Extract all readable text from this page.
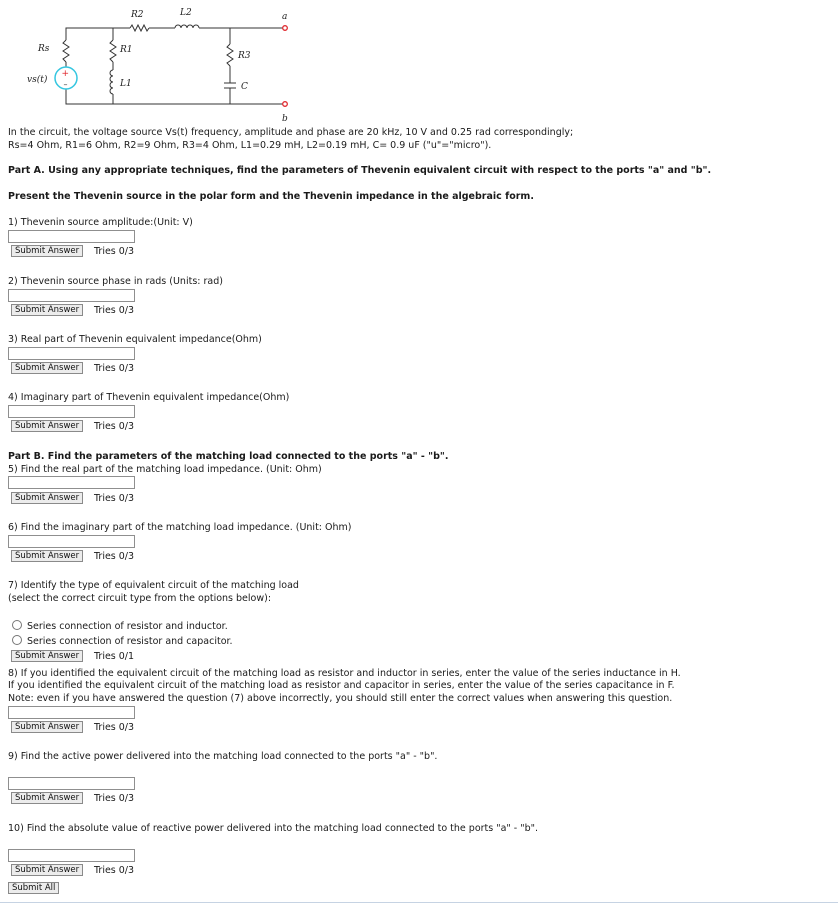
+
–
Rs
R2	L2	a
R1
R3
vs(t)	L1	C
b
In the circuit, the voltage source Vs(t) frequency, amplitude and phase are 20 kHz, 10 V and 0.25 rad correspondingly;
Rs=4 Ohm, R1=6 Ohm, R2=9 Ohm, R3=4 Ohm, L1=0.29 mH, L2=0.19 mH, C= 0.9 uF ("u"="micro").
Part A. Using any appropriate techniques, find the parameters of Thevenin equivalent circuit with respect to the ports "a" and "b".
Present the Thevenin source in the polar form and the Thevenin impedance in the algebraic form.
1) Thevenin source amplitude:(Unit: V)
Submit Answer	Tries 0/3
2) Thevenin source phase in rads (Units: rad)
Submit Answer	Tries 0/3
3) Real part of Thevenin equivalent impedance(Ohm)
Submit Answer	Tries 0/3
4) Imaginary part of Thevenin equivalent impedance(Ohm)
Submit Answer	Tries 0/3
Part B. Find the parameters of the matching load connected to the ports "a" - "b".
5) Find the real part of the matching load impedance. (Unit: Ohm)
Submit Answer	Tries 0/3
6) Find the imaginary part of the matching load impedance. (Unit: Ohm)
Submit Answer	Tries 0/3
7) Identify the type of equivalent circuit of the matching load
(select the correct circuit type from the options below):
Series connection of resistor and inductor.
Series connection of resistor and capacitor.
Submit Answer	Tries 0/1
8) If you identified the equivalent circuit of the matching load as resistor and inductor in series, enter the value of the series inductance in H.
If you identified the equivalent circuit of the matching load as resistor and capacitor in series, enter the value of the series capacitance in F.
Note: even if you have answered the question (7) above incorrectly, you should still enter the correct values when answering this question.
Submit Answer	Tries 0/3
9) Find the active power delivered into the matching load connected to the ports "a" - "b".
Submit Answer	Tries 0/3
10) Find the absolute value of reactive power delivered into the matching load connected to the ports "a" - "b".
Submit Answer	Tries 0/3
Submit All
